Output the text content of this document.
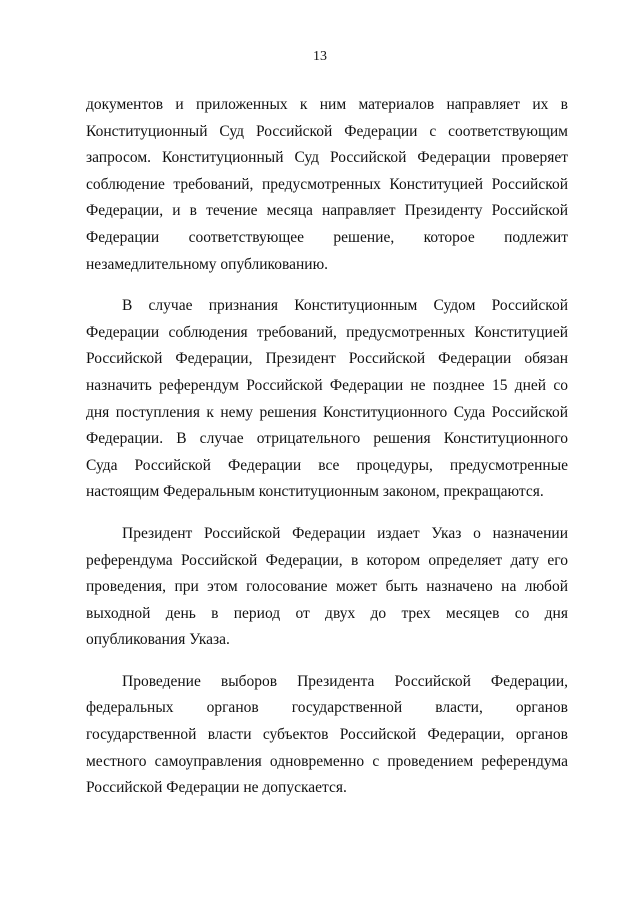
13
документов и приложенных к ним материалов направляет их в
Конституционный Суд Российской Федерации с соответствующим
запросом. Конституционный Суд Российской Федерации проверяет
соблюдение требований, предусмотренных Конституцией Российской
Федерации, и в течение месяца направляет Президенту Российской
Федерации соответствующее решение, которое подлежит
незамедлительному опубликованию.
В случае признания Конституционным Судом Российской
Федерации соблюдения требований, предусмотренных Конституцией
Российской Федерации, Президент Российской Федерации обязан
назначить референдум Российской Федерации не позднее 15 дней со
дня поступления к нему решения Конституционного Суда Российской
Федерации. В случае отрицательного решения Конституционного
Суда Российской Федерации все процедуры, предусмотренные
настоящим Федеральным конституционным законом, прекращаются.
Президент Российской Федерации издает Указ о назначении
референдума Российской Федерации, в котором определяет дату его
проведения, при этом голосование может быть назначено на любой
выходной день в период от двух до трех месяцев со дня
опубликования Указа.
Проведение выборов Президента Российской Федерации,
федеральных органов государственной власти, органов
государственной власти субъектов Российской Федерации, органов
местного самоуправления одновременно с проведением референдума
Российской Федерации не допускается.
